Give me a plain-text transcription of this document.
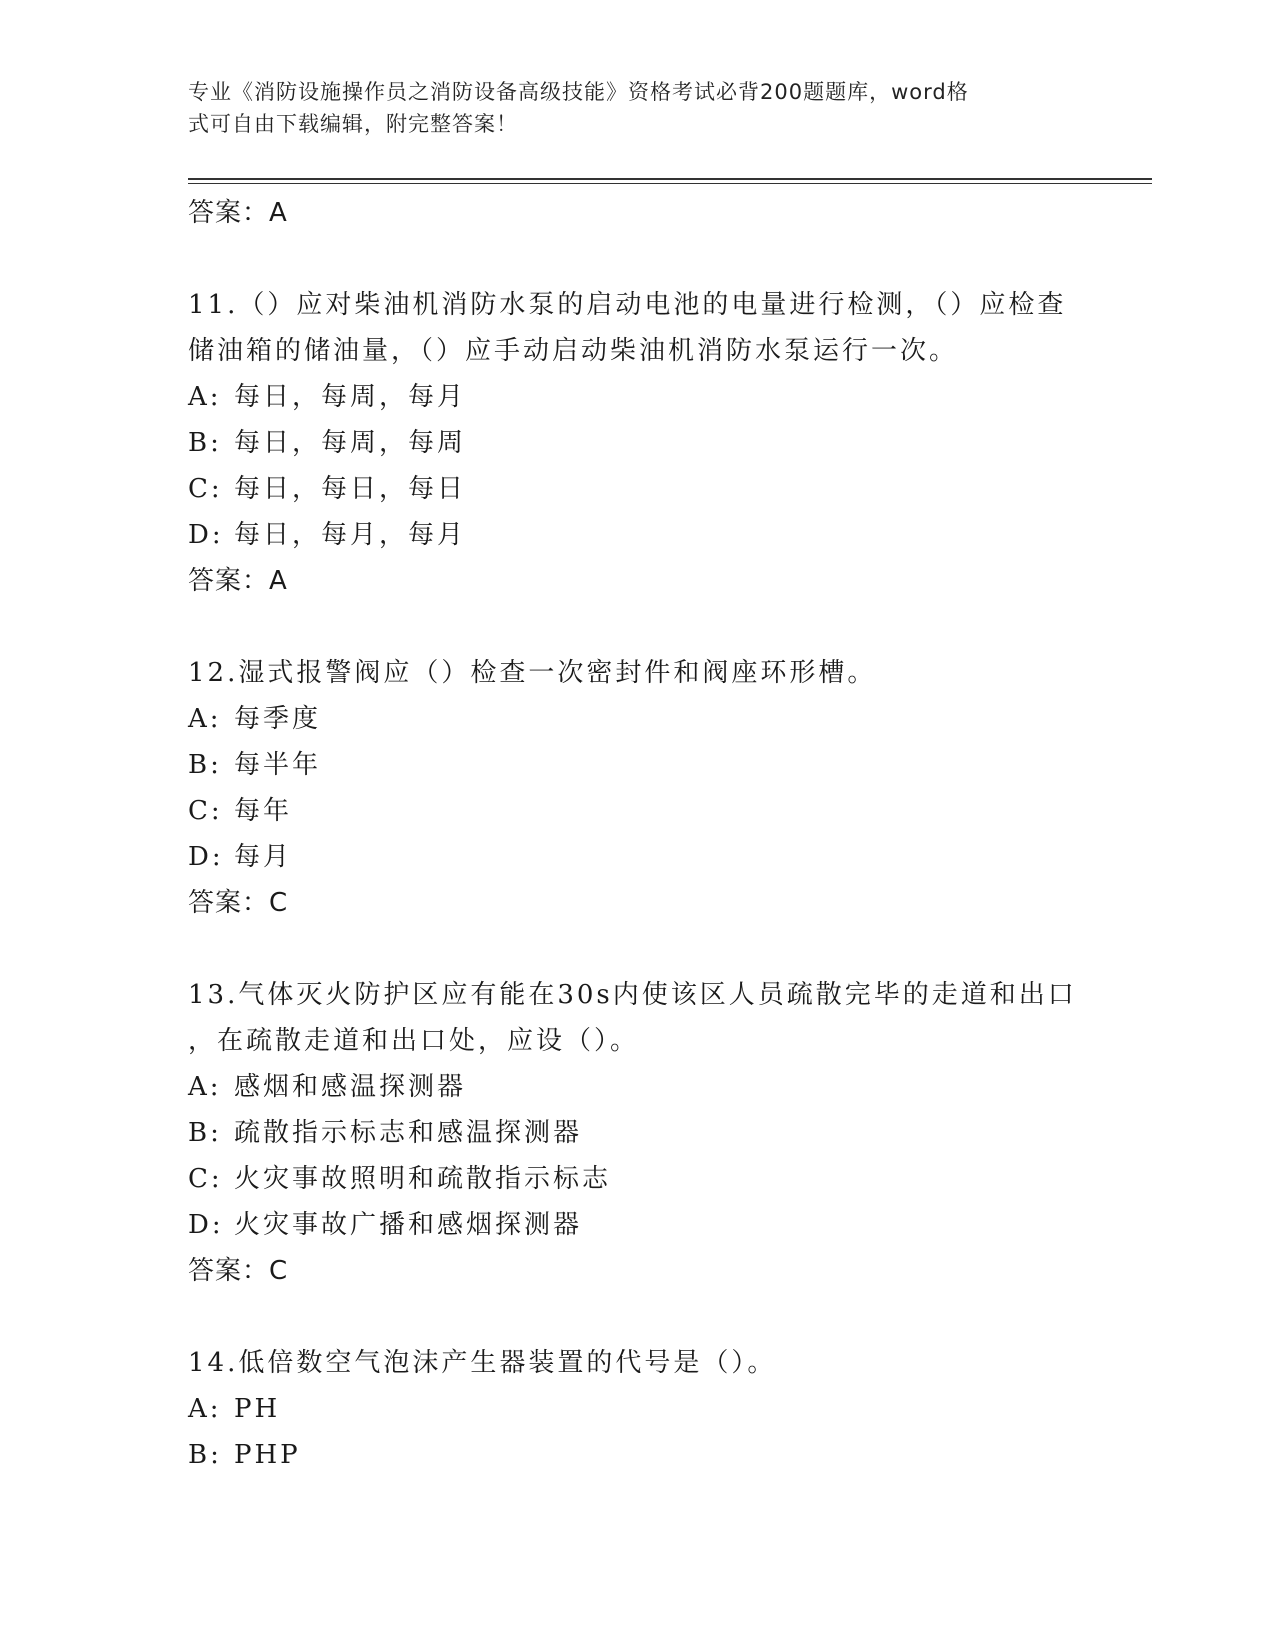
专业《消防设施操作员之消防设备高级技能》资格考试必背200题题库，word格
式可自由下载编辑，附完整答案！
答案：A
11.（）应对柴油机消防水泵的启动电池的电量进行检测，（）应检查
储油箱的储油量，（）应手动启动柴油机消防水泵运行一次。
A: 每日，每周，每月
B: 每日，每周，每周
C: 每日，每日，每日
D: 每日，每月，每月
答案：A
12.湿式报警阀应（）检查一次密封件和阀座环形槽。
A: 每季度
B: 每半年
C: 每年
D: 每月
答案：C
13.气体灭火防护区应有能在30s内使该区人员疏散完毕的走道和出口
，在疏散走道和出口处，应设（）。
A: 感烟和感温探测器
B: 疏散指示标志和感温探测器
C: 火灾事故照明和疏散指示标志
D: 火灾事故广播和感烟探测器
答案：C
14.低倍数空气泡沫产生器装置的代号是（）。
A: PH
B: PHP
